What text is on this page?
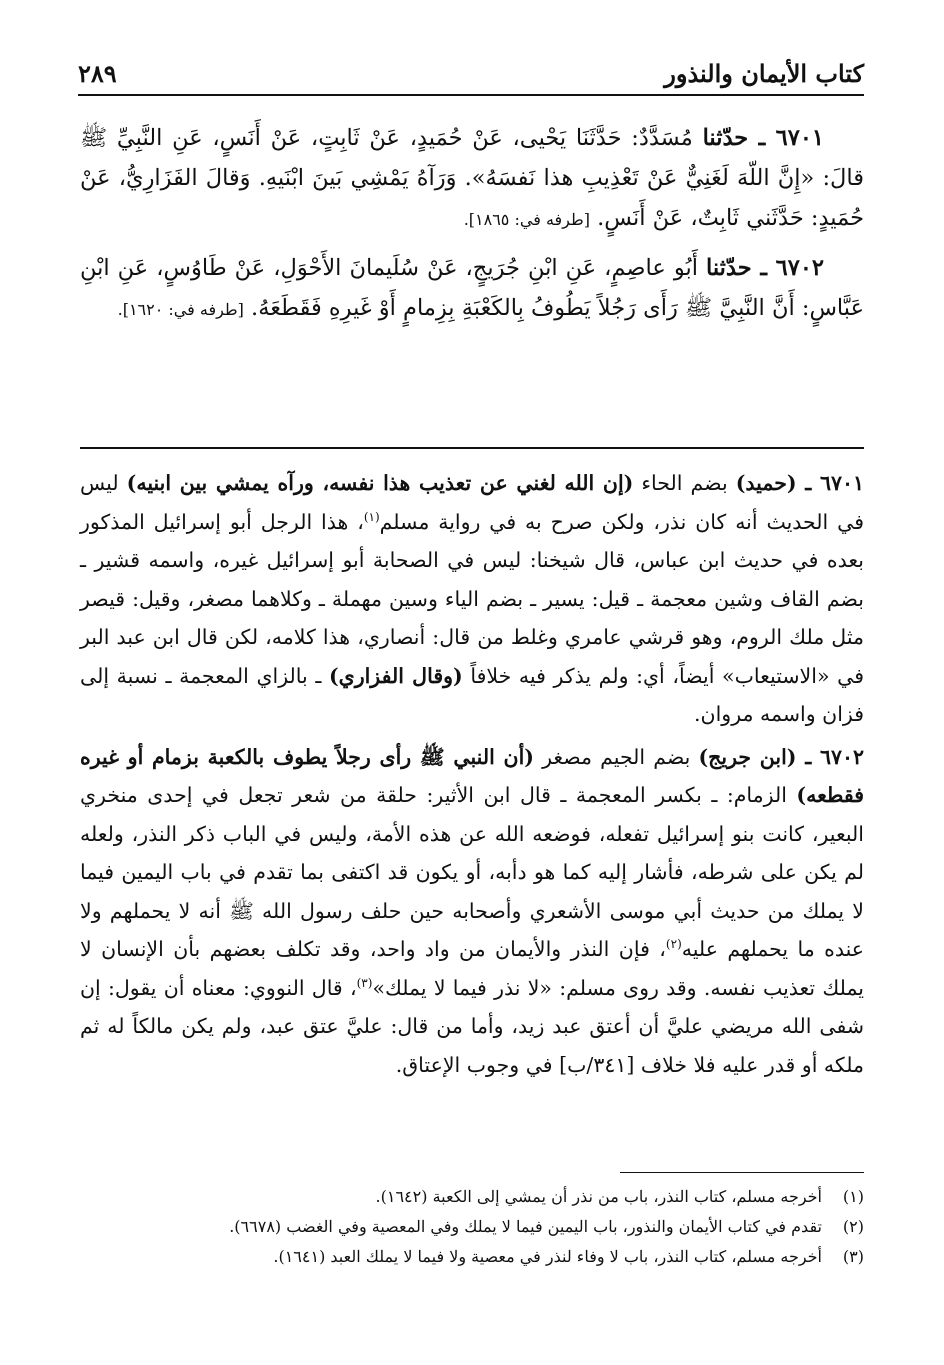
كتاب الأيمان والنذور
٢٨٩

٦٧٠١ ـ حدّثنا مُسَدَّدٌ: حَدَّثَنَا يَحْيى، عَنْ حُمَيدٍ، عَنْ ثَابِتٍ، عَنْ أَنَسٍ، عَنِ النَّبِيِّ ﷺ قالَ: «إِنَّ اللّهَ لَغَنِيٌّ عَنْ تَعْذِيبِ هذا نَفسَهُ». وَرَآهُ يَمْشِي بَينَ ابْنَيهِ. وَقالَ الفَزَارِيُّ، عَنْ حُمَيدٍ: حَدَّثَني ثَابِتٌ، عَنْ أَنَسٍ. [طرفه في: ١٨٦٥].

٦٧٠٢ ـ حدّثنا أَبُو عاصِمٍ، عَنِ ابْنِ جُرَيجٍ، عَنْ سُلَيمانَ الأَحْوَلِ، عَنْ طَاوُسٍ، عَنِ ابْنِ عَبَّاسٍ: أَنَّ النَّبِيَّ ﷺ رَأَى رَجُلاً يَطُوفُ بِالكَعْبَةِ بِزِمامٍ أَوْ غَيرِهِ فَقَطَعَهُ. [طرفه في: ١٦٢٠].

٦٧٠١ ـ (حميد) بضم الحاء (إن الله لغني عن تعذيب هذا نفسه، ورآه يمشي بين ابنيه) ليس في الحديث أنه كان نذر، ولكن صرح به في رواية مسلم$^{(١)}$، هذا الرجل أبو إسرائيل المذكور بعده في حديث ابن عباس، قال شيخنا: ليس في الصحابة أبو إسرائيل غيره، واسمه قشير ـ بضم القاف وشين معجمة ـ قيل: يسير ـ بضم الياء وسين مهملة ـ وكلاهما مصغر، وقيل: قيصر مثل ملك الروم، وهو قرشي عامري وغلط من قال: أنصاري، هذا كلامه، لكن قال ابن عبد البر في «الاستيعاب» أيضاً، أي: ولم يذكر فيه خلافاً (وقال الفزاري) ـ بالزاي المعجمة ـ نسبة إلى فزان واسمه مروان.

٦٧٠٢ ـ (ابن جريج) بضم الجيم مصغر (أن النبي ﷺ رأى رجلاً يطوف بالكعبة بزمام أو غيره فقطعه) الزمام: ـ بكسر المعجمة ـ قال ابن الأثير: حلقة من شعر تجعل في إحدى منخري البعير، كانت بنو إسرائيل تفعله، فوضعه الله عن هذه الأمة، وليس في الباب ذكر النذر، ولعله لم يكن على شرطه، فأشار إليه كما هو دأبه، أو يكون قد اكتفى بما تقدم في باب اليمين فيما لا يملك من حديث أبي موسى الأشعري وأصحابه حين حلف رسول الله ﷺ أنه لا يحملهم ولا عنده ما يحملهم عليه$^{(٢)}$، فإن النذر والأيمان من واد واحد، وقد تكلف بعضهم بأن الإنسان لا يملك تعذيب نفسه. وقد روى مسلم: «لا نذر فيما لا يملك»$^{(٣)}$، قال النووي: معناه أن يقول: إن شفى الله مريضي عليَّ أن أعتق عبد زيد، وأما من قال: عليَّ عتق عبد، ولم يكن مالكاً له ثم ملكه أو قدر عليه فلا خلاف [٣٤١/ب] في وجوب الإعتاق.

(١)
أخرجه مسلم، كتاب النذر، باب من نذر أن يمشي إلى الكعبة (١٦٤٢).
(٢)
تقدم في كتاب الأيمان والنذور، باب اليمين فيما لا يملك وفي المعصية وفي الغضب (٦٦٧٨).
(٣)
أخرجه مسلم، كتاب النذر، باب لا وفاء لنذر في معصية ولا فيما لا يملك العبد (١٦٤١).
